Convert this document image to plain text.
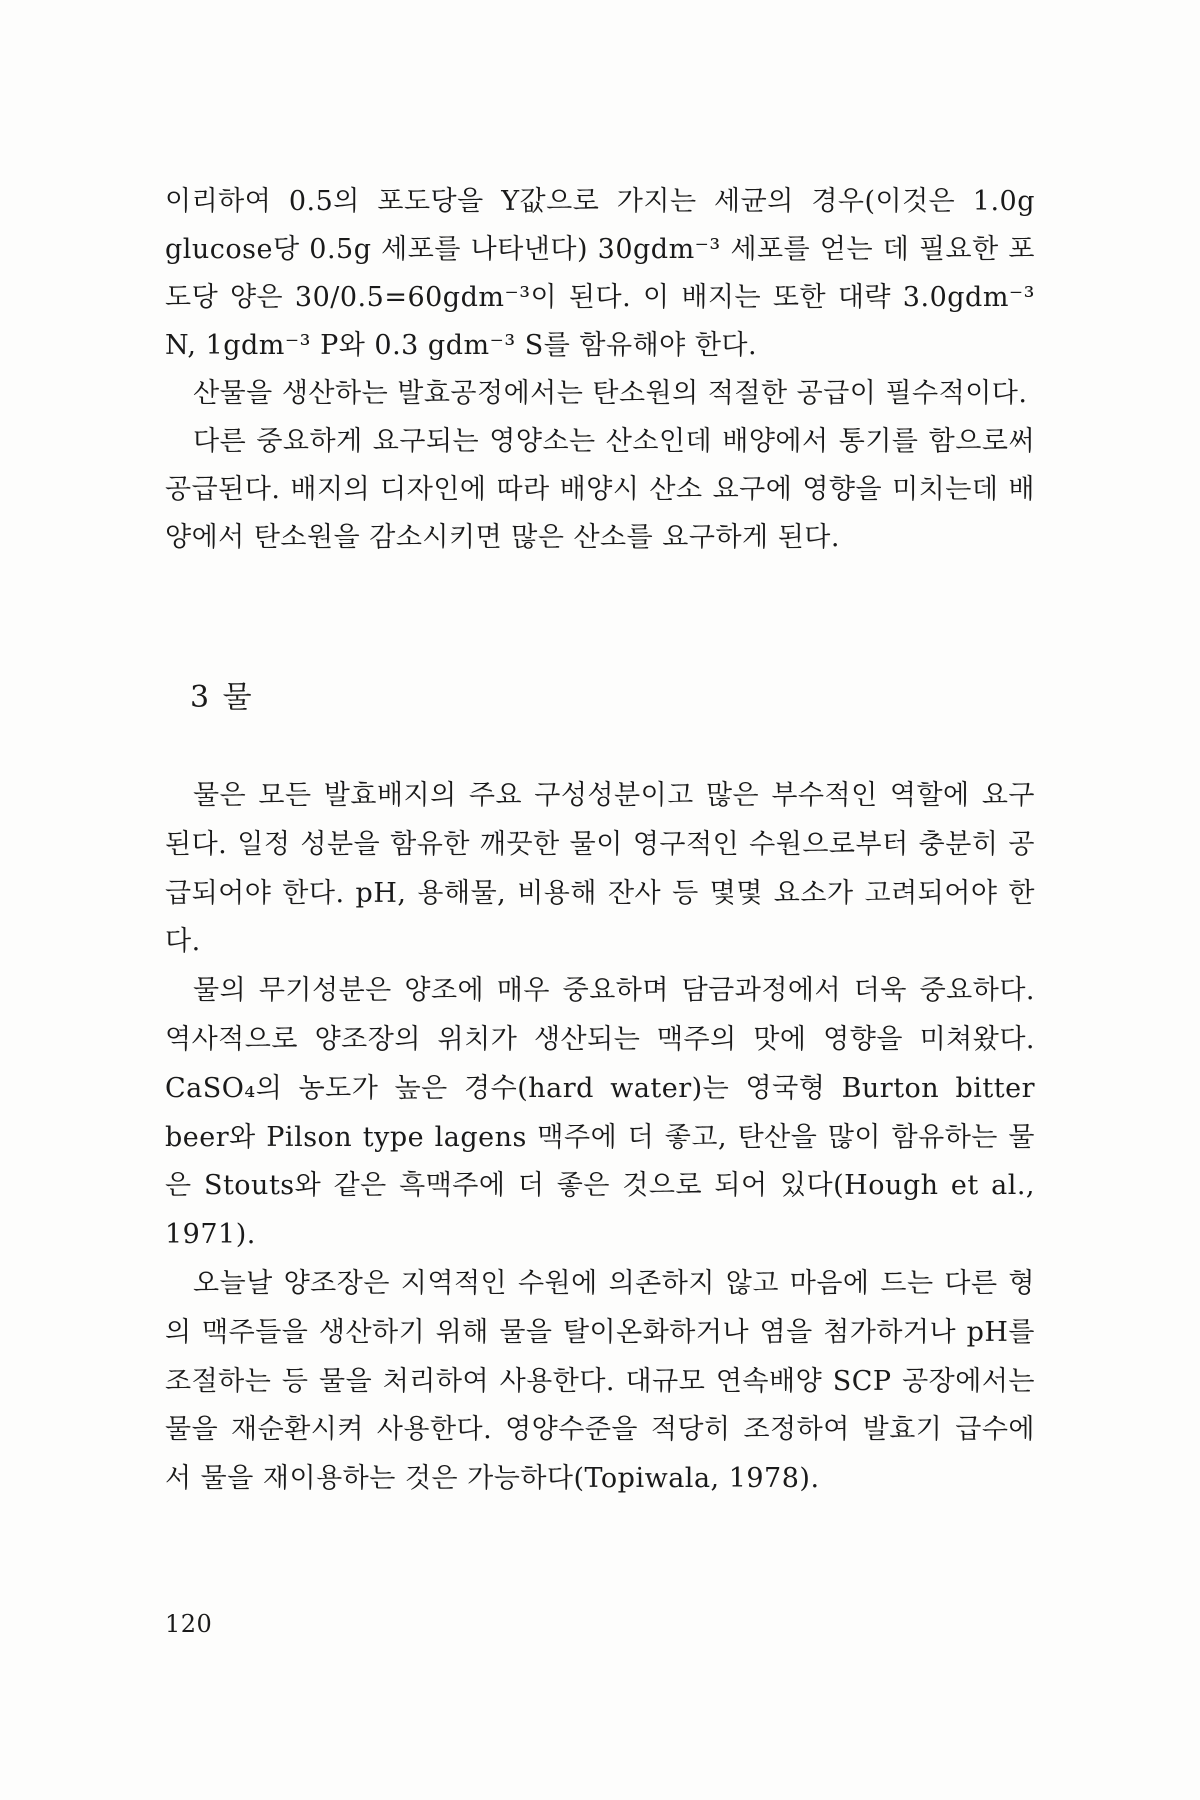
이리하여 0.5의 포도당을 Y값으로 가지는 세균의 경우(이것은 1.0g glucose당 0.5g 세포를 나타낸다) 30gdm⁻³ 세포를 얻는 데 필요한 포도당 양은 30/0.5=60gdm⁻³이 된다. 이 배지는 또한 대략 3.0gdm⁻³ N, 1gdm⁻³ P와 0.3 gdm⁻³ S를 함유해야 한다.

산물을 생산하는 발효공정에서는 탄소원의 적절한 공급이 필수적이다.

다른 중요하게 요구되는 영양소는 산소인데 배양에서 통기를 함으로써 공급된다. 배지의 디자인에 따라 배양시 산소 요구에 영향을 미치는데 배양에서 탄소원을 감소시키면 많은 산소를 요구하게 된다.

3 물

물은 모든 발효배지의 주요 구성성분이고 많은 부수적인 역할에 요구된다. 일정 성분을 함유한 깨끗한 물이 영구적인 수원으로부터 충분히 공급되어야 한다. pH, 용해물, 비용해 잔사 등 몇몇 요소가 고려되어야 한다.

물의 무기성분은 양조에 매우 중요하며 담금과정에서 더욱 중요하다. 역사적으로 양조장의 위치가 생산되는 맥주의 맛에 영향을 미쳐왔다. CaSO₄의 농도가 높은 경수(hard water)는 영국형 Burton bitter beer와 Pilson type lagens 맥주에 더 좋고, 탄산을 많이 함유하는 물은 Stouts와 같은 흑맥주에 더 좋은 것으로 되어 있다(Hough et al., 1971).

오늘날 양조장은 지역적인 수원에 의존하지 않고 마음에 드는 다른 형의 맥주들을 생산하기 위해 물을 탈이온화하거나 염을 첨가하거나 pH를 조절하는 등 물을 처리하여 사용한다. 대규모 연속배양 SCP 공장에서는 물을 재순환시켜 사용한다. 영양수준을 적당히 조정하여 발효기 급수에서 물을 재이용하는 것은 가능하다(Topiwala, 1978).

120
